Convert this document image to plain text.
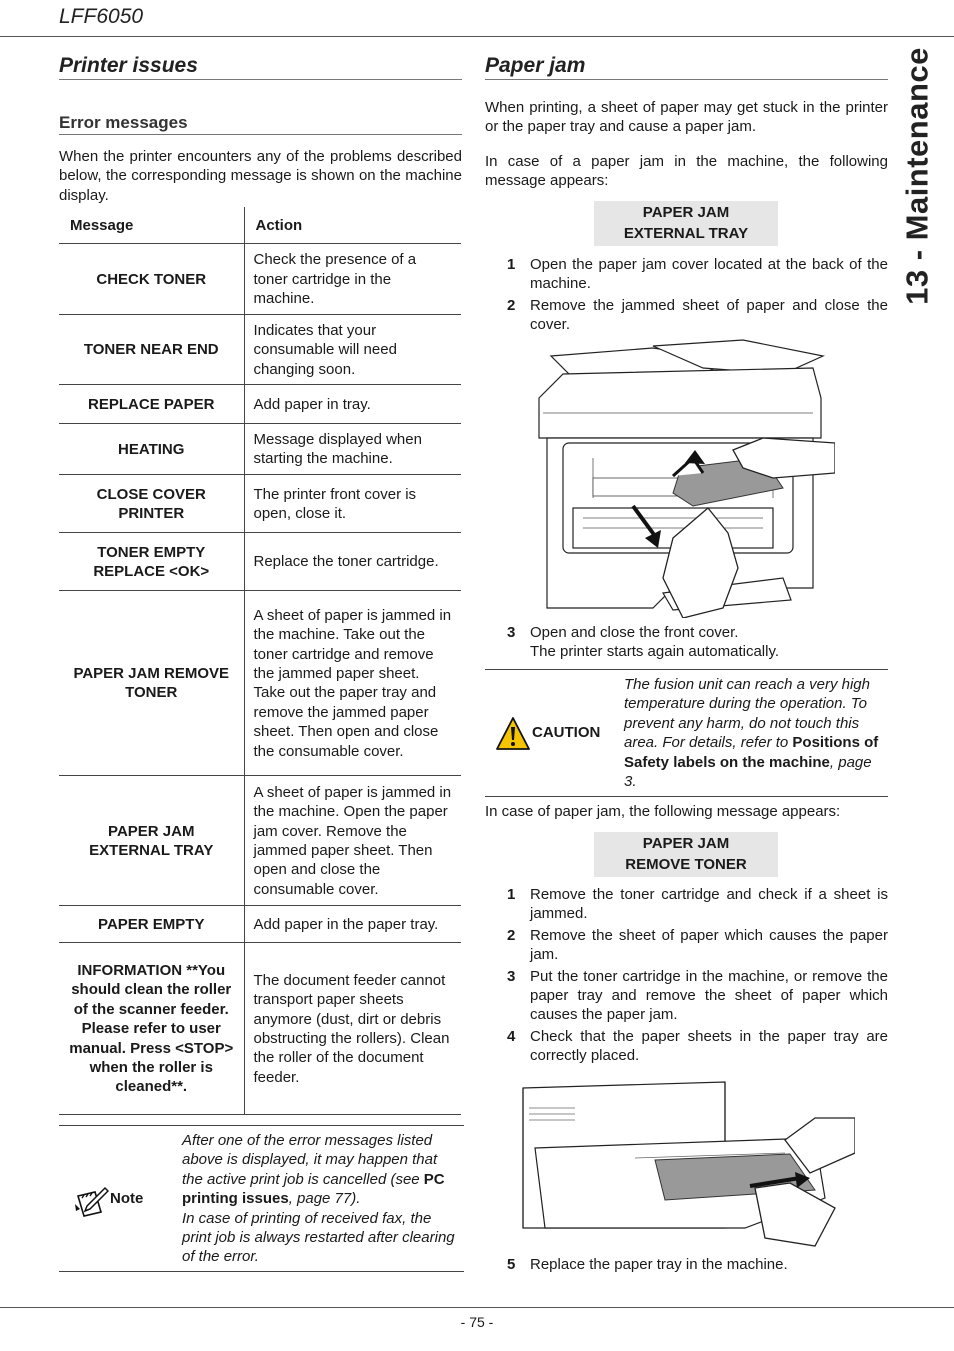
LFF6050
13 - Maintenance
Printer issues
Error messages
When the printer encounters any of the problems described below, the corresponding message is shown on the machine display.
Message	Action
CHECK TONER	Check the presence of a toner cartridge in the machine.
TONER NEAR END	Indicates that your consumable will need changing soon.
REPLACE PAPER	Add paper in tray.
HEATING	Message displayed when starting the machine.
CLOSE COVER PRINTER	The printer front cover is open, close it.
TONER EMPTY REPLACE <OK>	Replace the toner cartridge.
PAPER JAM REMOVE TONER	A sheet of paper is jammed in the machine. Take out the toner cartridge and remove the jammed paper sheet. Take out the paper tray and remove the jammed paper sheet. Then open and close the consumable cover.
PAPER JAM EXTERNAL TRAY	A sheet of paper is jammed in the machine. Open the paper jam cover. Remove the jammed paper sheet. Then open and close the consumable cover.
PAPER EMPTY	Add paper in the paper tray.
INFORMATION **You should clean the roller of the scanner feeder. Please refer to user manual. Press <STOP> when the roller is cleaned**.	The document feeder cannot transport paper sheets anymore (dust, dirt or debris obstructing the rollers). Clean the roller of the document feeder.
Note
After one of the error messages listed above is displayed, it may happen that the active print job is cancelled (see PC printing issues, page 77).
In case of printing of received fax, the print job is always restarted after clearing of the error.
Paper jam
When printing, a sheet of paper may get stuck in the printer or the paper tray and cause a paper jam.
In case of a paper jam in the machine, the following message appears:
PAPER JAM
EXTERNAL TRAY
1 Open the paper jam cover located at the back of the machine.
2 Remove the jammed sheet of paper and close the cover.
3 Open and close the front cover.
The printer starts again automatically.
CAUTION
The fusion unit can reach a very high temperature during the operation. To prevent any harm, do not touch this area. For details, refer to Positions of Safety labels on the machine, page 3.
In case of paper jam, the following message appears:
PAPER JAM
REMOVE TONER
1 Remove the toner cartridge and check if a sheet is jammed.
2 Remove the sheet of paper which causes the paper jam.
3 Put the toner cartridge in the machine, or remove the paper tray and remove the sheet of paper which causes the paper jam.
4 Check that the paper sheets in the paper tray are correctly placed.
5 Replace the paper tray in the machine.
- 75 -
